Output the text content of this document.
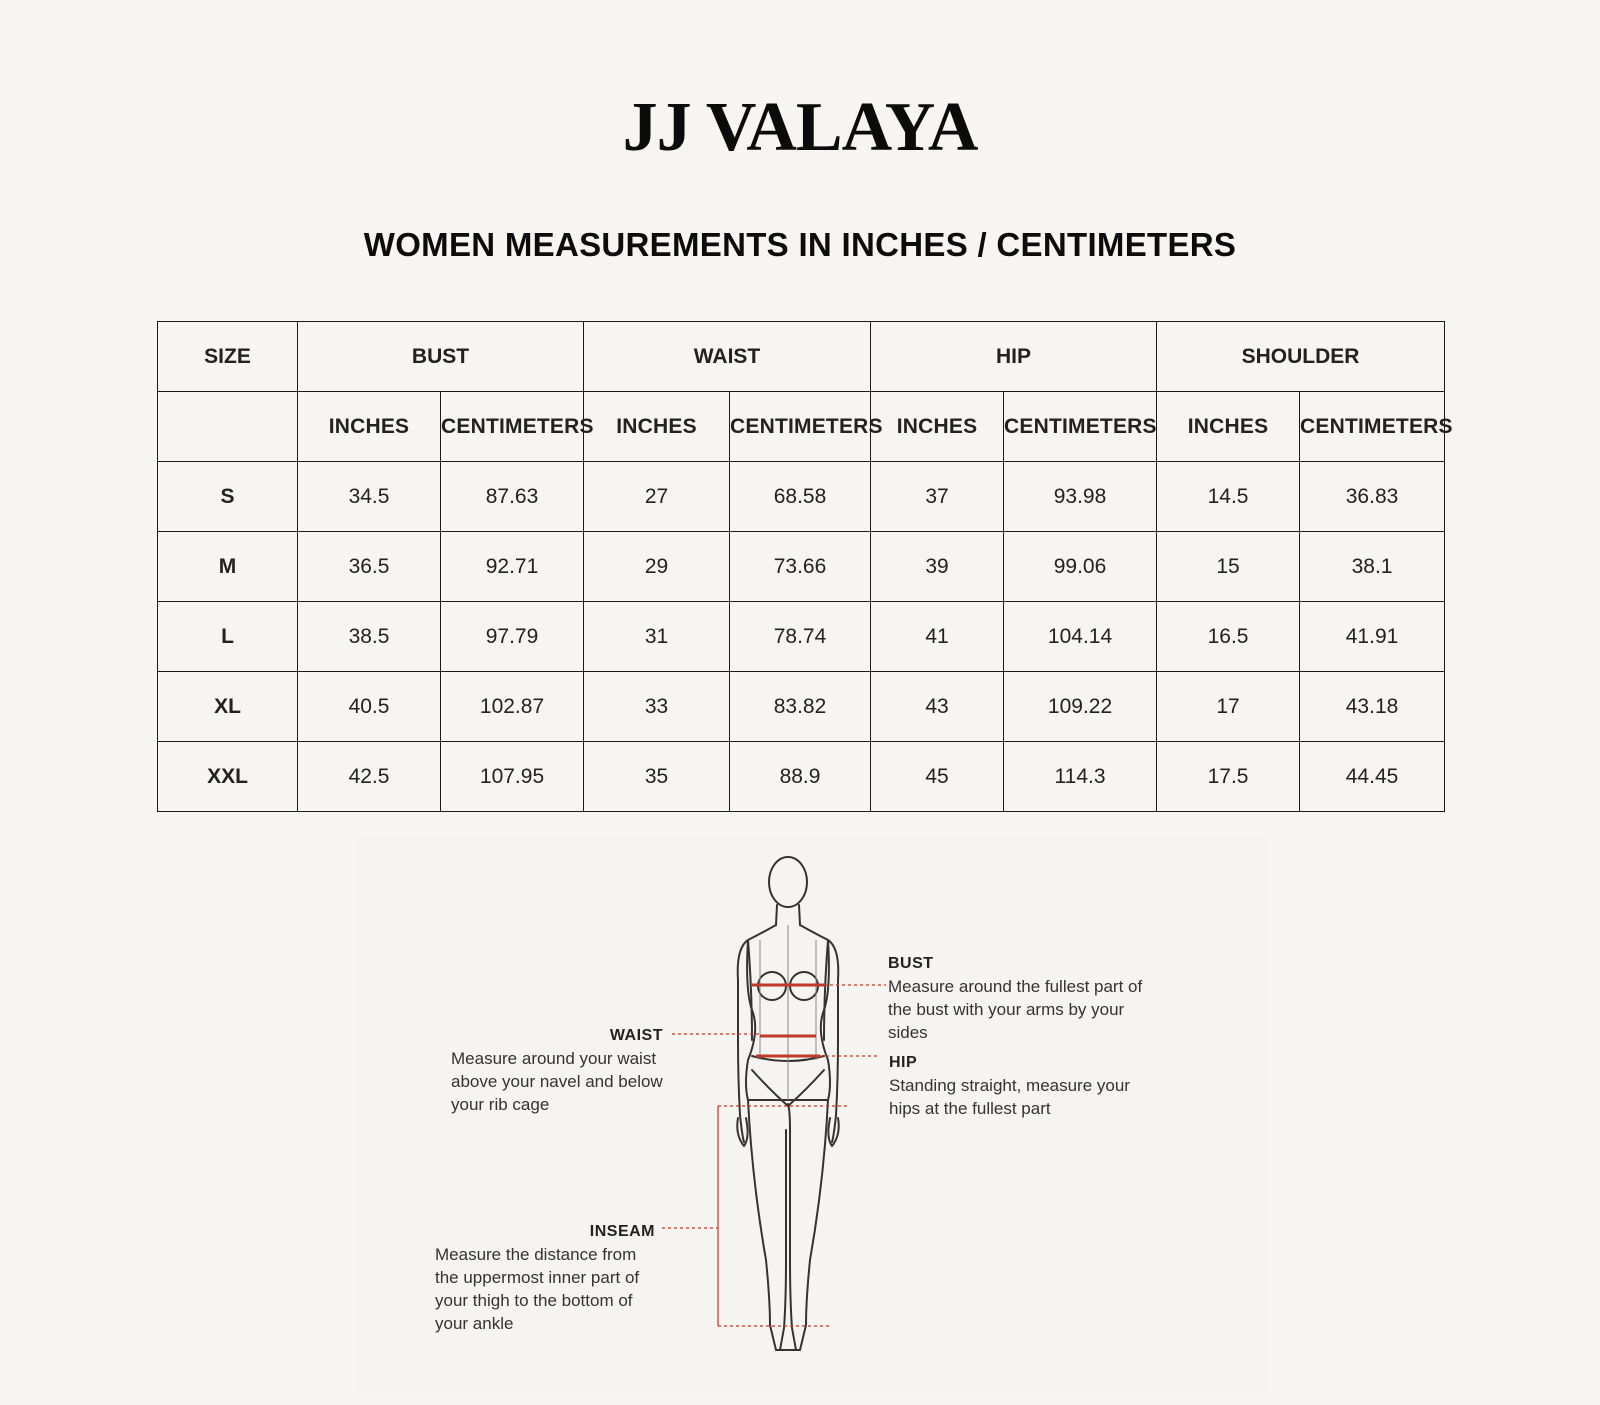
JJ VALAYA
WOMEN MEASUREMENTS IN INCHES / CENTIMETERS
SIZE	BUST		WAIST		HIP		SHOULDER	
	INCHES	CENTIMETERS	INCHES	CENTIMETERS	INCHES	CENTIMETERS	INCHES	CENTIMETERS
S	34.5	87.63	27	68.58	37	93.98	14.5	36.83
M	36.5	92.71	29	73.66	39	99.06	15	38.1
L	38.5	97.79	31	78.74	41	104.14	16.5	41.91
XL	40.5	102.87	33	83.82	43	109.22	17	43.18
XXL	42.5	107.95	35	88.9	45	114.3	17.5	44.45
BUST
Measure around the fullest part of
the bust with your arms by your
sides
WAIST
Measure around your waist
above your navel and below
your rib cage
HIP
Standing straight, measure your
hips at the fullest part
INSEAM
Measure the distance from
the uppermost inner part of
your thigh to the bottom of
your ankle
